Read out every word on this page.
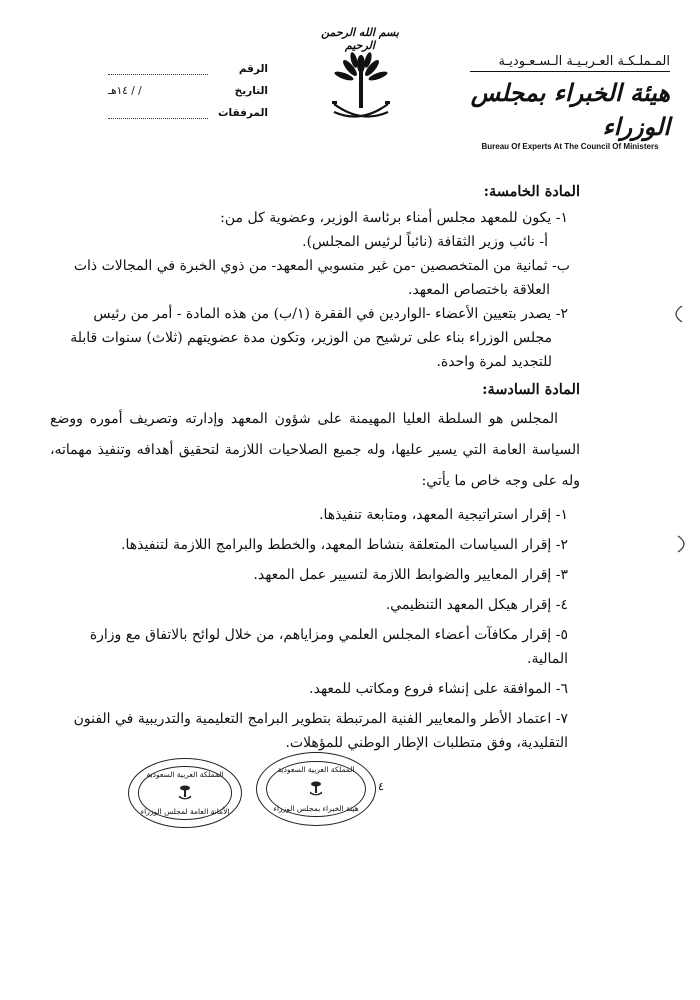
المـملـكـة العـربـيـة الـسـعـوديـة
هيئة الخبراء بمجلس الوزراء
Bureau Of Experts At The Council Of Ministers
بسم الله الرحمن الرحيم
الرقم
التاريخ
/ / ١٤هـ
المرفقات
المادة الخامسة:

١- يكون للمعهد مجلس أمناء برئاسة الوزير، وعضوية كل من:

أ- نائب وزير الثقافة (نائباً لرئيس المجلس).

ب- ثمانية من المتخصصين -من غير منسوبي المعهد- من ذوي الخبرة في المجالات ذات العلاقة باختصاص المعهد.

٢- يصدر بتعيين الأعضاء -الواردين في الفقرة (١/ب) من هذه المادة - أمر من رئيس مجلس الوزراء بناء على ترشيح من الوزير، وتكون مدة عضويتهم (ثلاث) سنوات قابلة للتجديد لمرة واحدة.

المادة السادسة:

المجلس هو السلطة العليا المهيمنة على شؤون المعهد وإدارته وتصريف أموره ووضع السياسة العامة التي يسير عليها، وله جميع الصلاحيات اللازمة لتحقيق أهدافه وتنفيذ مهماته، وله على وجه خاص ما يأتي:

١- إقرار استراتيجية المعهد، ومتابعة تنفيذها.

٢- إقرار السياسات المتعلقة بنشاط المعهد، والخطط والبرامج اللازمة لتنفيذها.

٣- إقرار المعايير والضوابط اللازمة لتسيير عمل المعهد.

٤- إقرار هيكل المعهد التنظيمي.

٥- إقرار مكافآت أعضاء المجلس العلمي ومزاياهم، من خلال لوائح بالاتفاق مع وزارة المالية.

٦- الموافقة على إنشاء فروع ومكاتب للمعهد.

٧- اعتماد الأطر والمعايير الفنية المرتبطة بتطوير البرامج التعليمية والتدريبية في الفنون التقليدية، وفق متطلبات الإطار الوطني للمؤهلات.

المملكة العربية السعودية
الأمانة العامة لمجلس الوزراء
المملكة العربية السعودية
هيئة الخبراء بمجلس الوزراء
٤
